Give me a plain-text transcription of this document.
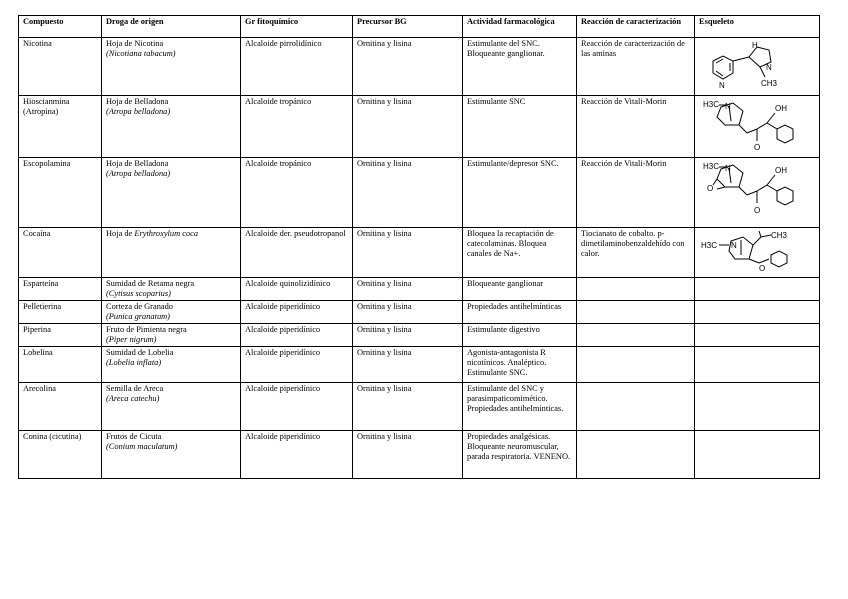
Compuesto	Droga de origen	Gr fitoquímico	Precursor BG	Actividad farmacológica	Reacción de caracterización	Esqueleto
Nicotina	Hoja de Nicotina
(Nicotiana tabacum)	Alcaloide pirrolidínico	Ornitina y lisina	Estimulante del SNC. Bloqueante ganglionar.	Reacción de caracterización de las aminas	H
N
CH3
N

Hioscianmina (Atropina)	Hoja de Belladona
(Atropa belladona)	Alcaloide tropánico	Ornitina y lisina	Estimulante SNC	Reacción de Vitali-Morin	H3C N OH
O

Escopolamina	Hoja de Belladona
(Atropa belladona)	Alcaloide tropánico	Ornitina y lisina	Estimulante/depresor SNC.	Reacción de Vitali-Morin	H3C N OH
O
O

Cocaína	Hoja de Erythroxylum coca	Alcaloide der. pseudotropanol	Ornitina y lisina	Bloquea la recaptación de catecolaminas. Bloquea canales de Na+.	Tiocianato de cobalto. p-dimetilaminobenzaldehído con calor.	H3C N
O
CH3

Esparteína	Sumidad de Retama negra
(Cytisus scoparius)	Alcaloide quinolizidínico	Ornitina y lisina	Bloqueante ganglionar		
Pelletierina	Corteza de Granado
(Punica granatum)	Alcaloide piperidínico	Ornitina y lisina	Propiedades antihelmínticas		
Piperina	Fruto de Pimienta negra
(Piper nigrum)	Alcaloide piperidínico	Ornitina y lisina	Estimulante digestivo		
Lobelina	Sumidad de Lobelia
(Lobelia inflata)	Alcaloide piperidínico	Ornitina y lisina	Agonista-antagonista R nicotínicos. Analéptico. Estimulante SNC.		
Arecolina	Semilla de Areca
(Areca catechu)	Alcaloide piperidínico	Ornitina y lisina	Estimulante del SNC y parasimpaticomimético. Propiedades antihelmínticas.		
Conina (cicutina)	Frutos de Cicuta
(Conium maculatum)	Alcaloide piperidínico	Ornitina y lisina	Propiedades analgésicas. Bloqueante neuromuscular, parada respiratoria. VENENO.		
